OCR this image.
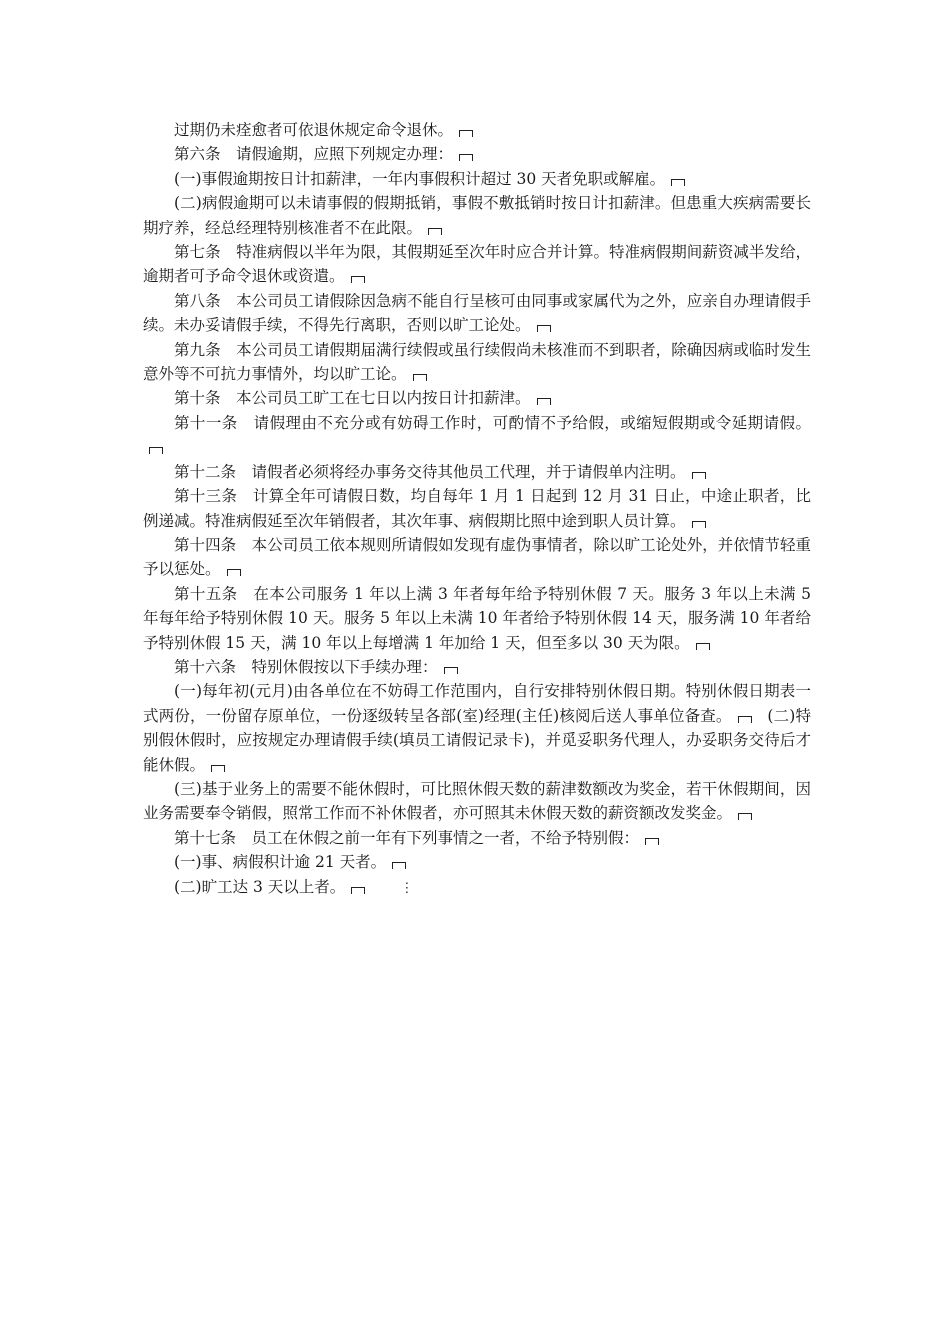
过期仍未痊愈者可依退休规定命令退休。

第六条　请假逾期，应照下列规定办理：

(一)事假逾期按日计扣薪津，一年内事假积计超过 30 天者免职或解雇。

(二)病假逾期可以未请事假的假期抵销，事假不敷抵销时按日计扣薪津。但患重大疾病需要长期疗养，经总经理特别核准者不在此限。

第七条　特准病假以半年为限，其假期延至次年时应合并计算。特准病假期间薪资减半发给，逾期者可予命令退休或资遣。

第八条　本公司员工请假除因急病不能自行呈核可由同事或家属代为之外，应亲自办理请假手续。未办妥请假手续，不得先行离职，否则以旷工论处。

第九条　本公司员工请假期届满行续假或虽行续假尚未核准而不到职者，除确因病或临时发生意外等不可抗力事情外，均以旷工论。

第十条　本公司员工旷工在七日以内按日计扣薪津。

第十一条　请假理由不充分或有妨碍工作时，可酌情不予给假，或缩短假期或令延期请假。

第十二条　请假者必须将经办事务交待其他员工代理，并于请假单内注明。

第十三条　计算全年可请假日数，均自每年 1 月 1 日起到 12 月 31 日止，中途止职者，比例递减。特准病假延至次年销假者，其次年事、病假期比照中途到职人员计算。

第十四条　本公司员工依本规则所请假如发现有虚伪事情者，除以旷工论处外，并依情节轻重予以惩处。

第十五条　在本公司服务 1 年以上满 3 年者每年给予特别休假 7 天。服务 3 年以上未满 5 年每年给予特别休假 10 天。服务 5 年以上未满 10 年者给予特别休假 14 天，服务满 10 年者给予特别休假 15 天，满 10 年以上每增满 1 年加给 1 天，但至多以 30 天为限。

第十六条　特别休假按以下手续办理：

(一)每年初(元月)由各单位在不妨碍工作范围内，自行安排特别休假日期。特别休假日期表一式两份，一份留存原单位，一份逐级转呈各部(室)经理(主任)核阅后送人事单位备查。　(二)特别假休假时，应按规定办理请假手续(填员工请假记录卡)，并觅妥职务代理人，办妥职务交待后才能休假。

(三)基于业务上的需要不能休假时，可比照休假天数的薪津数额改为奖金，若干休假期间，因业务需要奉令销假，照常工作而不补休假者，亦可照其未休假天数的薪资额改发奖金。

第十七条　员工在休假之前一年有下列事情之一者，不给予特别假：

(一)事、病假积计逾 21 天者。

(二)旷工达 3 天以上者。	⋮
